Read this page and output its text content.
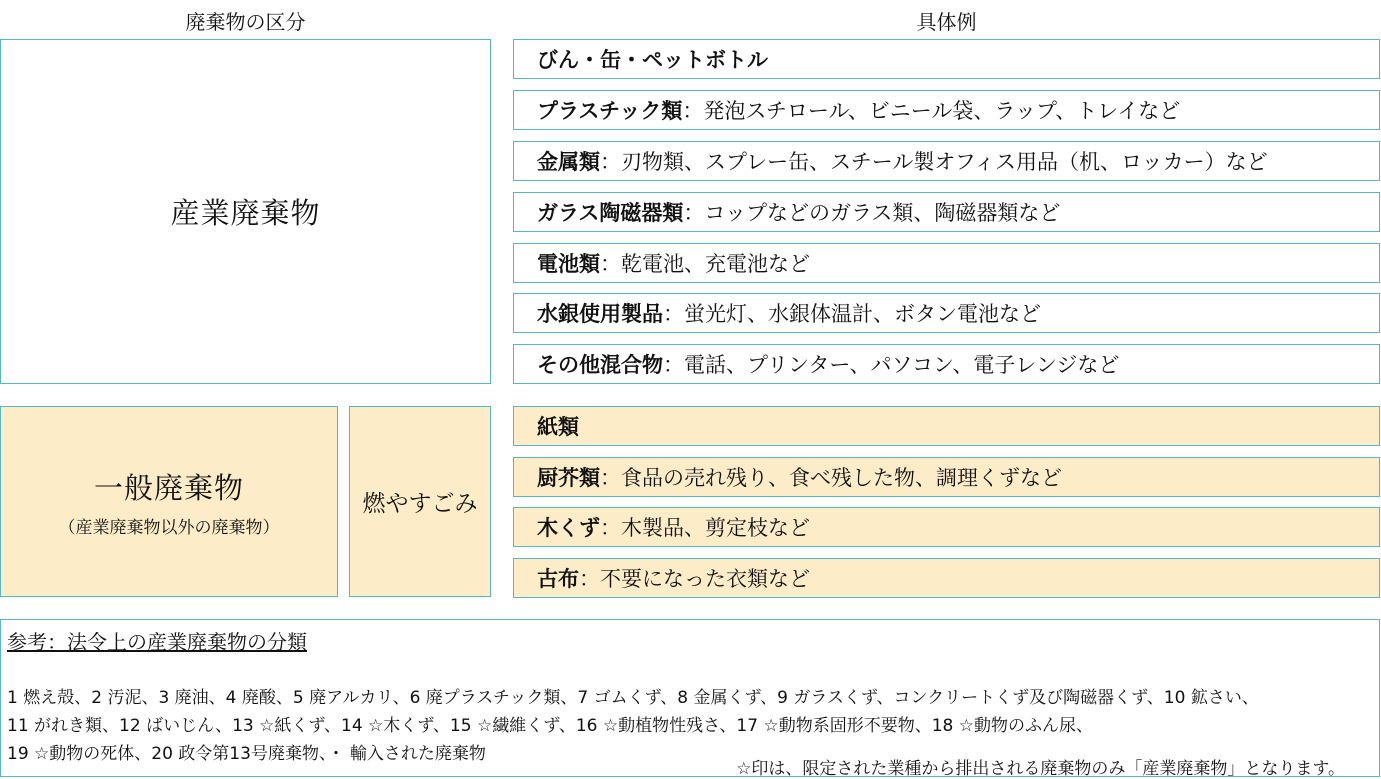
廃棄物の区分	具体例
産業廃棄物
びん・缶・ペットボトル
プラスチック類 ：発泡スチロール、ビニール袋、ラップ、トレイなど
金属類 ：刃物類、スプレー缶、スチール製オフィス用品（机、ロッカー）など
ガラス陶磁器類 ：コップなどのガラス類、陶磁器類など
電池類 ：乾電池、充電池など
水銀使用製品 ：蛍光灯、水銀体温計、ボタン電池など
その他混合物 ：電話、プリンター、パソコン、電子レンジなど
一般廃棄物
（産業廃棄物以外の廃棄物）
燃やすごみ
紙類
厨芥類 ：食品の売れ残り、食べ残した物、調理くずなど
木くず ：木製品、剪定枝など
古布 ：不要になった衣類など
参考：法令上の産業廃棄物の分類
1 燃え殻、2 汚泥、3 廃油、4 廃酸、5 廃アルカリ、6 廃プラスチック類、7 ゴムくず、8 金属くず、9 ガラスくず、コンクリートくず及び陶磁器くず、10 鉱さい、
11 がれき類、12 ばいじん、13 ☆紙くず、14 ☆木くず、15 ☆繊維くず、16 ☆動植物性残さ、17 ☆動物系固形不要物、18 ☆動物のふん尿、
19 ☆動物の死体、20 政令第13号廃棄物、・ 輸入された廃棄物
☆印は、限定された業種から排出される廃棄物のみ「産業廃棄物」となります。
